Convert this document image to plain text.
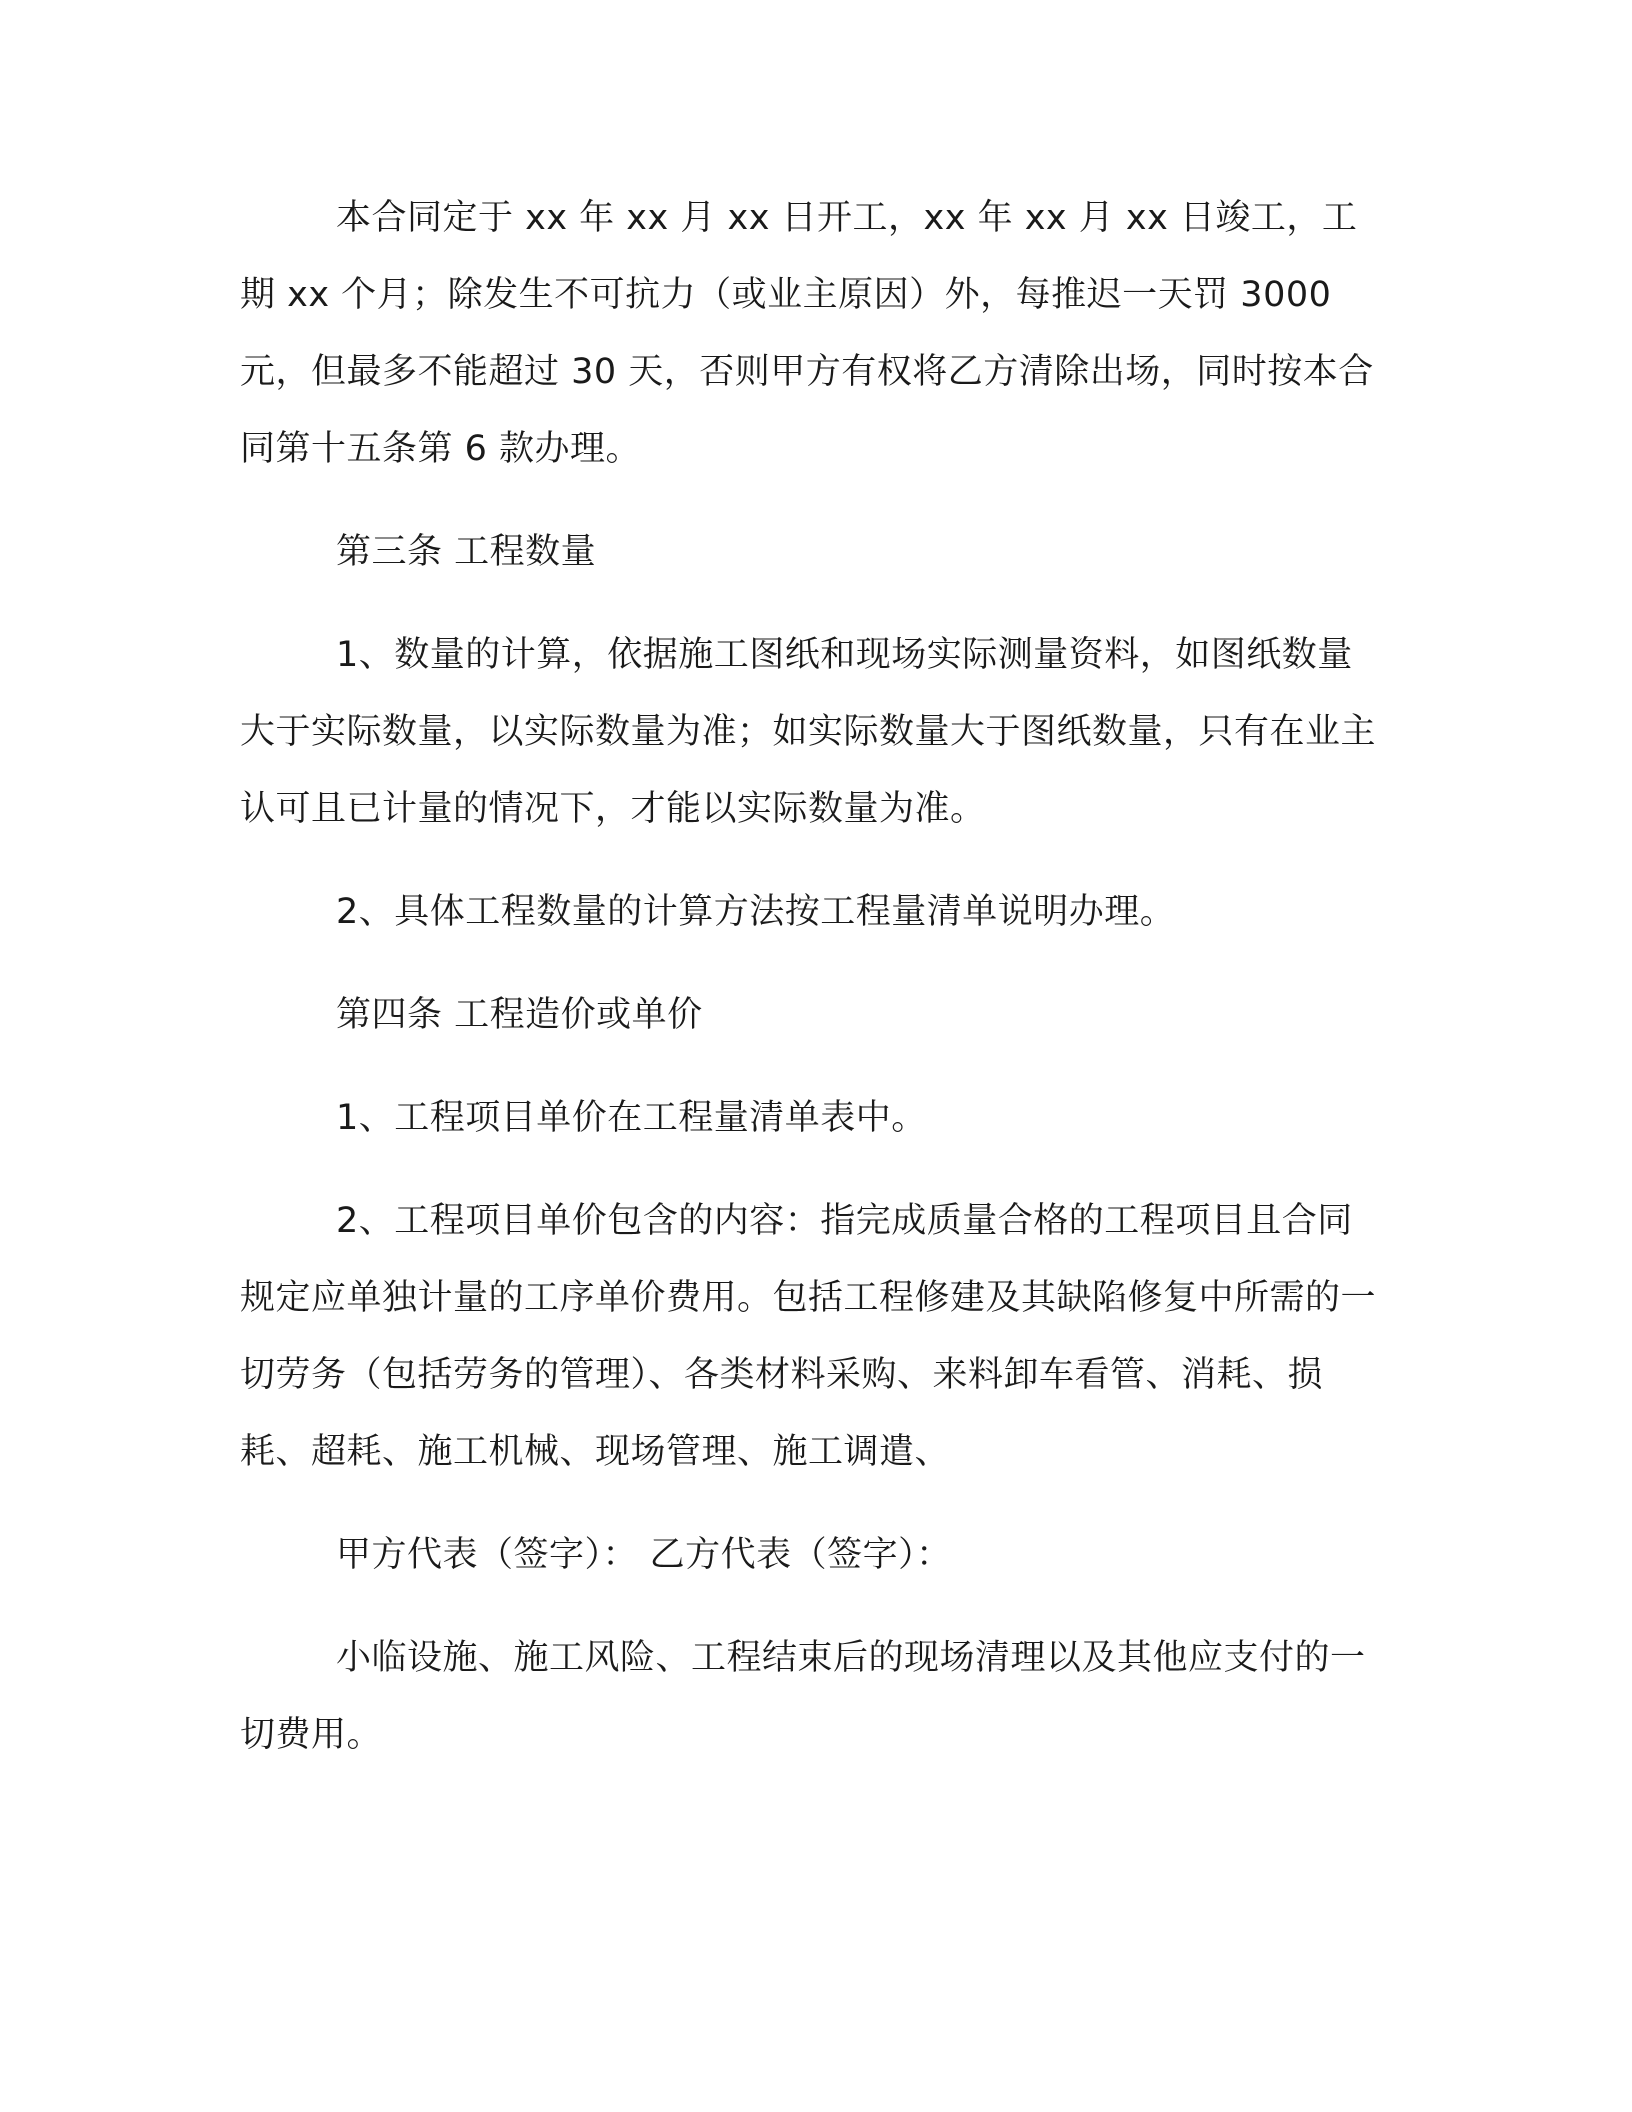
本合同定于 xx 年 xx 月 xx 日开工，xx 年 xx 月 xx 日竣工，工期 xx 个月；除发生不可抗力（或业主原因）外，每推迟一天罚 3000 元，但最多不能超过 30 天，否则甲方有权将乙方清除出场，同时按本合同第十五条第 6 款办理。

第三条 工程数量

1、数量的计算，依据施工图纸和现场实际测量资料，如图纸数量大于实际数量，以实际数量为准；如实际数量大于图纸数量，只有在业主认可且已计量的情况下，才能以实际数量为准。

2、具体工程数量的计算方法按工程量清单说明办理。

第四条 工程造价或单价

1、工程项目单价在工程量清单表中。

2、工程项目单价包含的内容：指完成质量合格的工程项目且合同规定应单独计量的工序单价费用。包括工程修建及其缺陷修复中所需的一切劳务（包括劳务的管理）、各类材料采购、来料卸车看管、消耗、损耗、超耗、施工机械、现场管理、施工调遣、

甲方代表（签字）： 乙方代表（签字）：

小临设施、施工风险、工程结束后的现场清理以及其他应支付的一切费用。
